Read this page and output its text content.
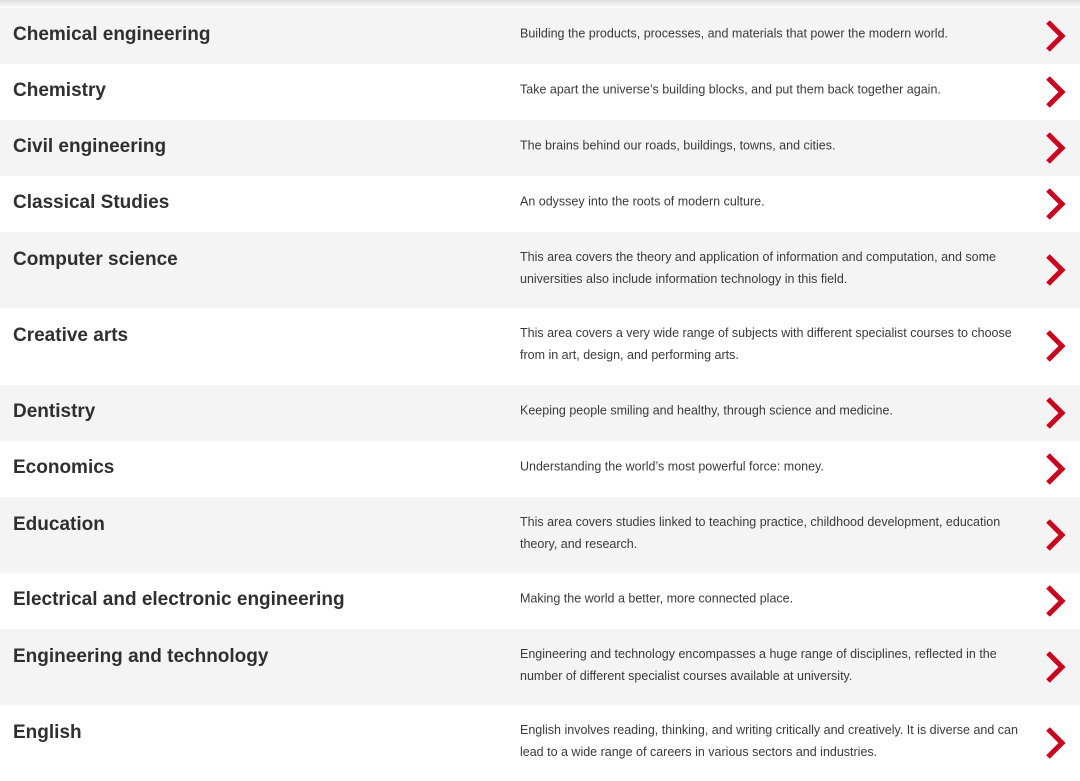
Chemical engineering	Building the products, processes, and materials that power the modern world.
Chemistry	Take apart the universe’s building blocks, and put them back together again.
Civil engineering	The brains behind our roads, buildings, towns, and cities.
Classical Studies	An odyssey into the roots of modern culture.
Computer science	This area covers the theory and application of information and computation, and some universities also include information technology in this field.
Creative arts	This area covers a very wide range of subjects with different specialist courses to choose from in art, design, and performing arts.
Dentistry	Keeping people smiling and healthy, through science and medicine.
Economics	Understanding the world’s most powerful force: money.
Education	This area covers studies linked to teaching practice, childhood development, education theory, and research.
Electrical and electronic engineering	Making the world a better, more connected place.
Engineering and technology	Engineering and technology encompasses a huge range of disciplines, reflected in the number of different specialist courses available at university.
English	English involves reading, thinking, and writing critically and creatively. It is diverse and can lead to a wide range of careers in various sectors and industries.
